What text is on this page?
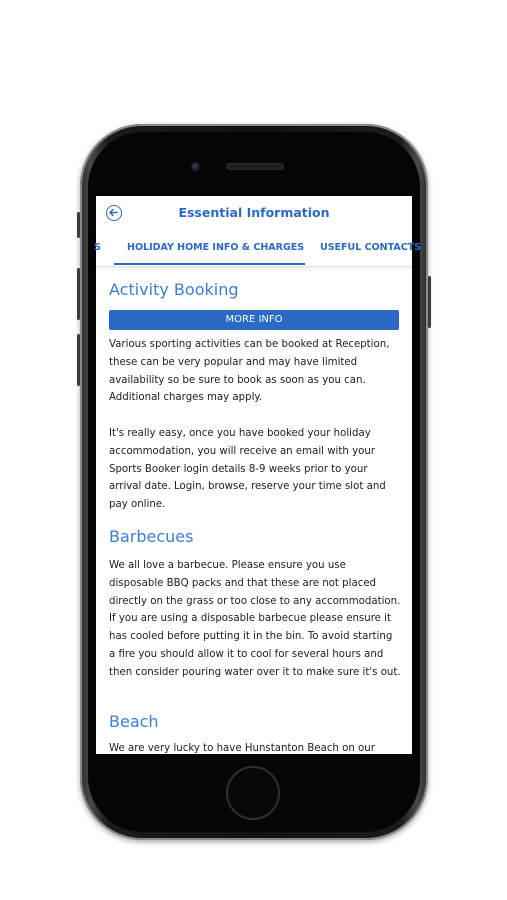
Essential Information
S	HOLIDAY HOME INFO & CHARGES USEFUL CONTACTS
Activity Booking
MORE INFO

Various sporting activities can be booked at Reception, these can be very popular and may have limited availability so be sure to book as soon as you can. Additional charges may apply.

It's really easy, once you have booked your holiday accommodation, you will receive an email with your Sports Booker login details 8-9 weeks prior to your arrival date. Login, browse, reserve your time slot and pay online.

Barbecues

We all love a barbecue. Please ensure you use disposable BBQ packs and that these are not placed directly on the grass or too close to any accommodation. If you are using a disposable barbecue please ensure it has cooled before putting it in the bin. To avoid starting a fire you should allow it to cool for several hours and then consider pouring water over it to make sure it's out.

Beach

We are very lucky to have Hunstanton Beach on our
